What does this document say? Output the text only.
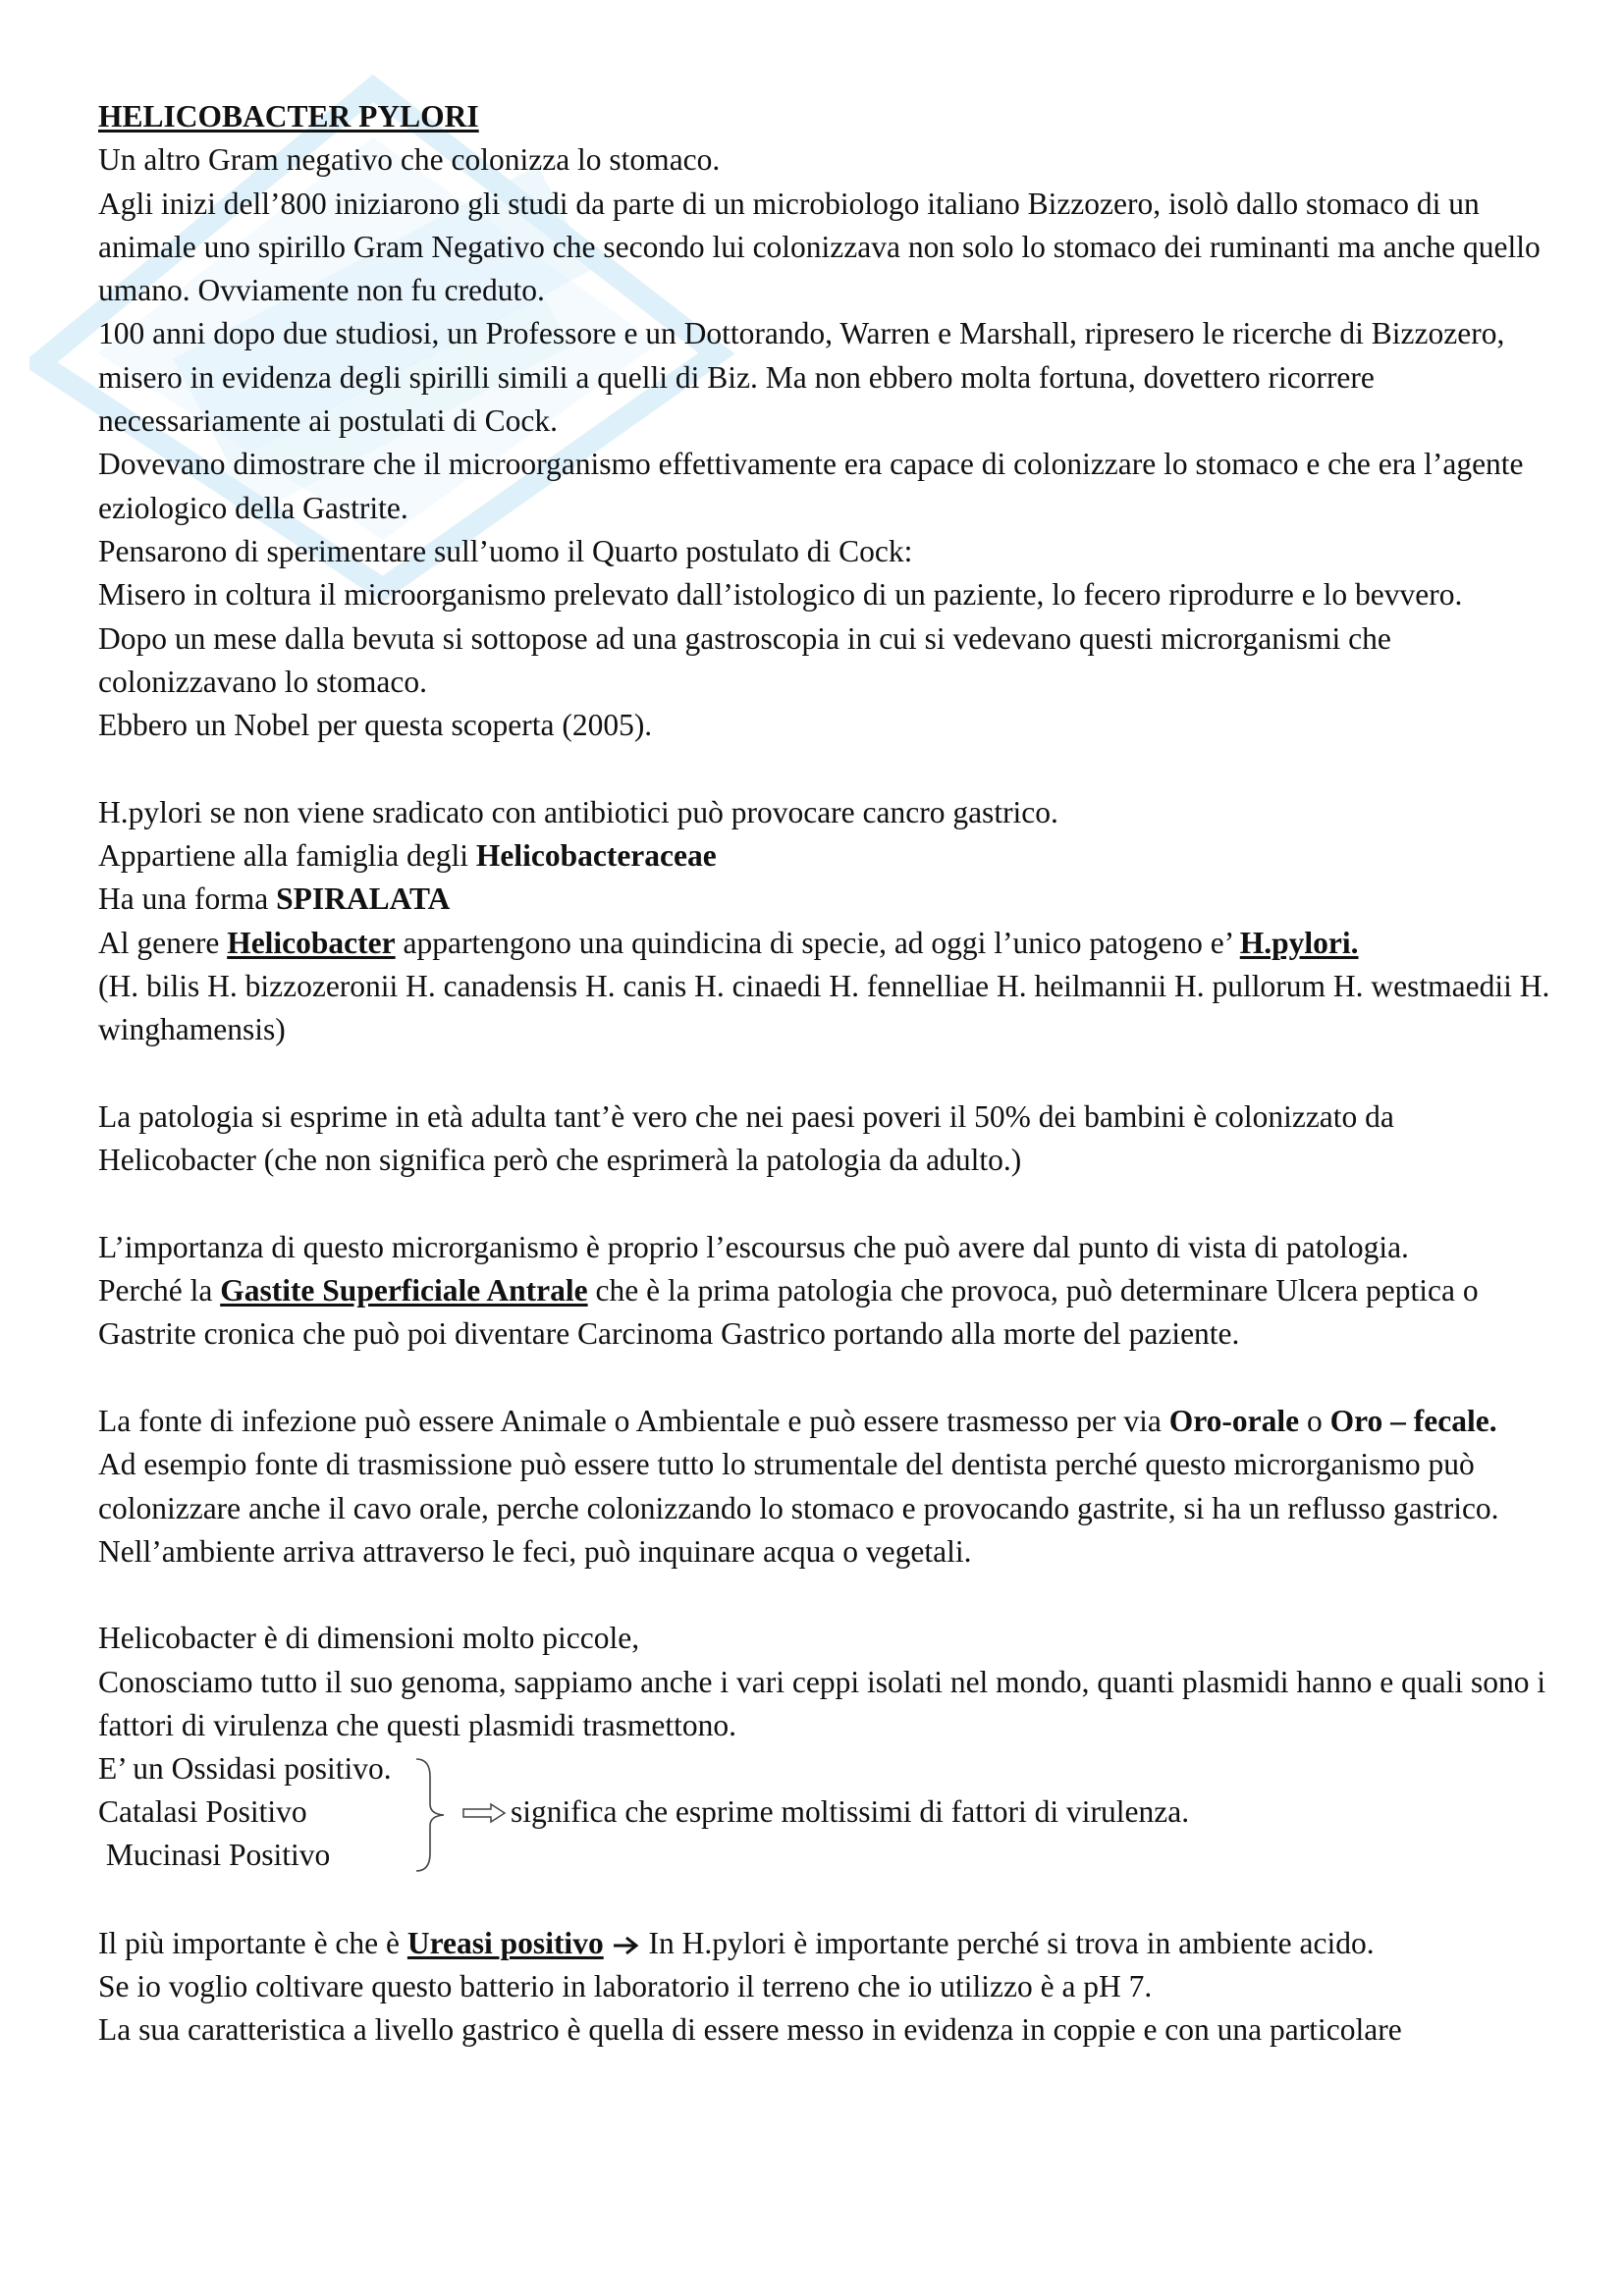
HELICOBACTER PYLORI

Un altro Gram negativo che colonizza lo stomaco.

Agli inizi dell’800 iniziarono gli studi da parte di un microbiologo italiano Bizzozero, isolò dallo stomaco di un animale uno spirillo Gram Negativo che secondo lui colonizzava non solo lo stomaco dei ruminanti ma anche quello umano. Ovviamente non fu creduto.

100 anni dopo due studiosi, un Professore e un Dottorando, Warren e Marshall, ripresero le ricerche di Bizzozero, misero in evidenza degli spirilli simili a quelli di Biz. Ma non ebbero molta fortuna, dovettero ricorrere necessariamente ai postulati di Cock.

Dovevano dimostrare che il microorganismo effettivamente era capace di colonizzare lo stomaco e che era l’agente eziologico della Gastrite.

Pensarono di sperimentare sull’uomo il Quarto postulato di Cock:

Misero in coltura il microorganismo prelevato dall’istologico di un paziente, lo fecero riprodurre e lo bevvero.

Dopo un mese dalla bevuta si sottopose ad una gastroscopia in cui si vedevano questi microrganismi che colonizzavano lo stomaco.

Ebbero un Nobel per questa scoperta (2005).

H.pylori se non viene sradicato con antibiotici può provocare cancro gastrico.

Appartiene alla famiglia degli Helicobacteraceae

Ha una forma SPIRALATA

Al genere Helicobacter appartengono una quindicina di specie, ad oggi l’unico patogeno e’ H.pylori.

(H. bilis H. bizzozeronii H. canadensis H. canis H. cinaedi H. fennelliae H. heilmannii H. pullorum H. westmaedii H. winghamensis)

La patologia si esprime in età adulta tant’è vero che nei paesi poveri il 50% dei bambini è colonizzato da Helicobacter (che non significa però che esprimerà la patologia da adulto.)

L’importanza di questo microrganismo è proprio l’escoursus che può avere dal punto di vista di patologia.

Perché la Gastite Superficiale Antrale che è la prima patologia che provoca, può determinare Ulcera peptica o Gastrite cronica che può poi diventare Carcinoma Gastrico portando alla morte del paziente.

La fonte di infezione può essere Animale o Ambientale e può essere trasmesso per via Oro-orale o Oro – fecale.

Ad esempio fonte di trasmissione può essere tutto lo strumentale del dentista perché questo microrganismo può colonizzare anche il cavo orale, perche colonizzando lo stomaco e provocando gastrite, si ha un reflusso gastrico.

Nell’ambiente arriva attraverso le feci, può inquinare acqua o vegetali.

Helicobacter è di dimensioni molto piccole,

Conosciamo tutto il suo genoma, sappiamo anche i vari ceppi isolati nel mondo, quanti plasmidi hanno e quali sono i fattori di virulenza che questi plasmidi trasmettono.

E’ un Ossidasi positivo.
Catalasi Positivo
Mucinasi Positivo
significa che esprime moltissimi di fattori di virulenza.

Il più importante è che è Ureasi positivo  In H.pylori è importante perché si trova in ambiente acido.

Se io voglio coltivare questo batterio in laboratorio il terreno che io utilizzo è a pH 7.

La sua caratteristica a livello gastrico è quella di essere messo in evidenza in coppie e con una particolare
